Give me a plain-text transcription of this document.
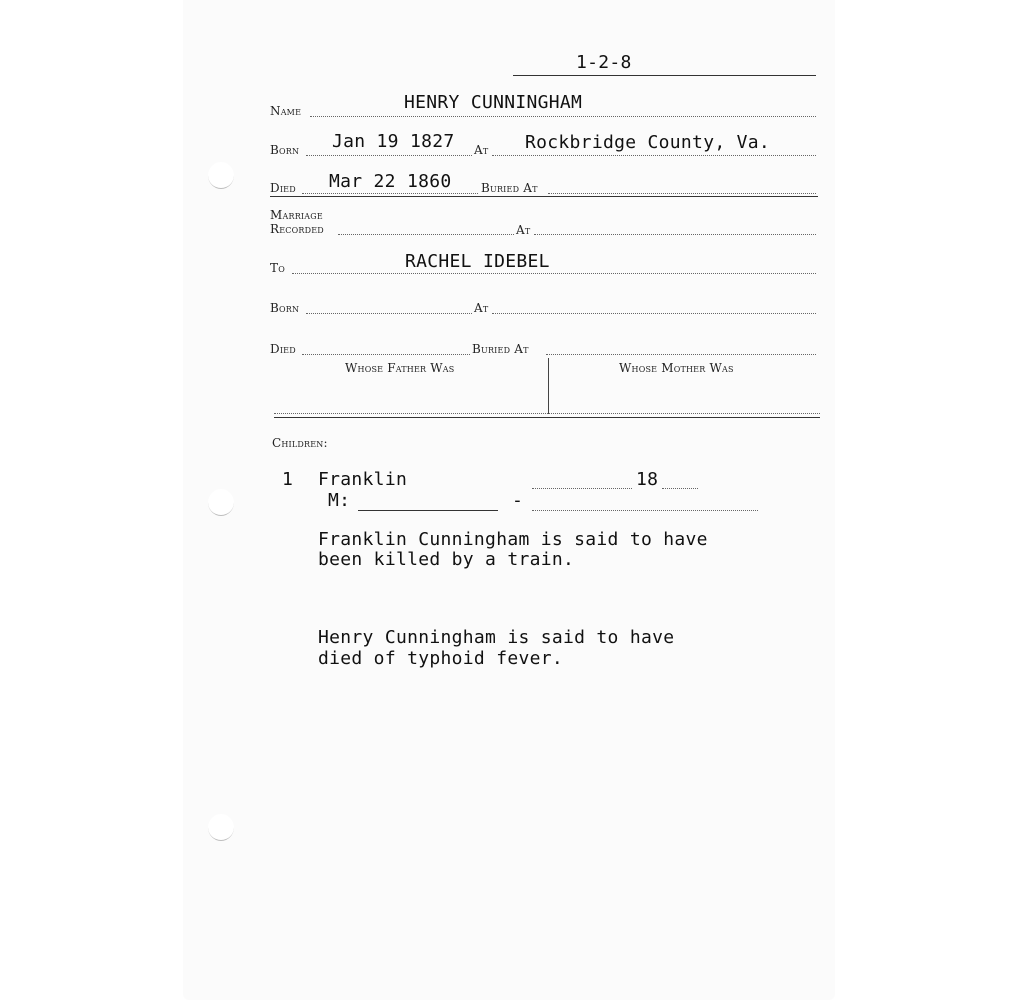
1-2-8
Name	HENRY CUNNINGHAM
Born Jan 19 1827 At Rockbridge County, Va.
Died Mar 22 1860 Buried At
Marriage
Recorded	At
To	RACHEL IDEBEL
Born	At
Died	Buried At
Whose Father Was	Whose Mother Was
Children:
1 Franklin	18
M:	-
Franklin Cunningham is said to have
been killed by a train.
Henry Cunningham is said to have
died of typhoid fever.
